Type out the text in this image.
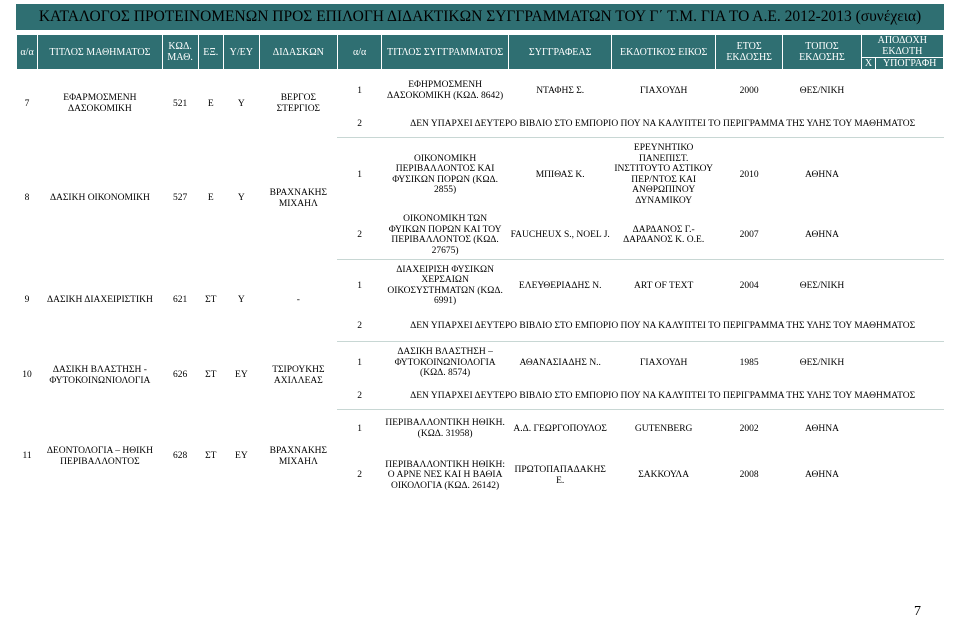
ΚΑΤΑΛΟΓΟΣ ΠΡΟΤΕΙΝΟΜΕΝΩΝ ΠΡΟΣ ΕΠΙΛΟΓΗ ΔΙΔΑΚΤΙΚΩΝ ΣΥΓΓΡΑΜΜΑΤΩΝ ΤΟΥ Γ΄ Τ.Μ. ΓΙΑ ΤΟ Α.Ε. 2012-2013 (συνέχεια)
α/α	ΤΙΤΛΟΣ ΜΑΘΗΜΑΤΟΣ	ΚΩΔ. ΜΑΘ.	ΕΞ.	Υ/ΕΥ	ΔΙΔΑΣΚΩΝ	α/α	ΤΙΤΛΟΣ ΣΥΓΓΡΑΜΜΑΤΟΣ	ΣΥΓΓΡΑΦΕΑΣ	ΕΚΔΟΤΙΚΟΣ ΕΙΚΟΣ	ΕΤΟΣ ΕΚΔΟΣΗΣ	ΤΟΠΟΣ ΕΚΔΟΣΗΣ	ΑΠΟΔΟΧΗ ΕΚΔΟΤΗ	
												Χ	ΥΠΟΓΡΑΦΗ
7	ΕΦΑΡΜΟΣΜΕΝΗ ΔΑΣΟΚΟΜΙΚΗ	521	Ε	Υ	ΒΕΡΓΟΣ ΣΤΕΡΓΙΟΣ	1	ΕΦΗΡΜΟΣΜΕΝΗ ΔΑΣΟΚΟΜΙΚΗ (ΚΩΔ. 8642)	ΝΤΑΦΗΣ Σ.	ΓΙΑΧΟΥΔΗ	2000	ΘΕΣ/ΝΙΚΗ		
						2	ΔΕΝ ΥΠΑΡΧΕΙ ΔΕΥΤΕΡΟ ΒΙΒΛΙΟ ΣΤΟ ΕΜΠΟΡΙΟ ΠΟΥ ΝΑ ΚΑΛΥΠΤΕΙ ΤΟ ΠΕΡΙΓΡΑΜΜΑ ΤΗΣ ΥΛΗΣ ΤΟΥ ΜΑΘΗΜΑΤΟΣ						
8	ΔΑΣΙΚΗ ΟΙΚΟΝΟΜΙΚΗ	527	Ε	Υ	ΒΡΑΧΝΑΚΗΣ ΜΙΧΑΗΛ	1	ΟΙΚΟΝΟΜΙΚΗ ΠΕΡΙΒΑΛΛΟΝΤΟΣ ΚΑΙ ΦΥΣΙΚΩΝ ΠΟΡΩΝ (ΚΩΔ. 2855)	ΜΠΙΘΑΣ Κ.	ΕΡΕΥΝΗΤΙΚΟ ΠΑΝΕΠΙΣΤ. ΙΝΣΤΙΤΟΥΤΟ ΑΣΤΙΚΟΥ ΠΕΡ/ΝΤΟΣ ΚΑΙ ΑΝΘΡΩΠΙΝΟΥ ΔΥΝΑΜΙΚΟΥ	2010	ΑΘΗΝΑ		
						2	ΟΙΚΟΝΟΜΙΚΗ ΤΩΝ ΦΥΙΚΩΝ ΠΟΡΩΝ ΚΑΙ ΤΟΥ ΠΕΡΙΒΑΛΛΟΝΤΟΣ (ΚΩΔ. 27675)	FAUCHEUX S., NOEL J.	ΔΑΡΔΑΝΟΣ Γ.- ΔΑΡΔΑΝΟΣ Κ. Ο.Ε.	2007	ΑΘΗΝΑ		
9	ΔΑΣΙΚΗ ΔΙΑΧΕΙΡΙΣΤΙΚΗ	621	ΣΤ	Υ	-	1	ΔΙΑΧΕΙΡΙΣΗ ΦΥΣΙΚΩΝ ΧΕΡΣΑΙΩΝ ΟΙΚΟΣΥΣΤΗΜΑΤΩΝ (ΚΩΔ. 6991)	ΕΛΕΥΘΕΡΙΑΔΗΣ Ν.	ART OF TEXT	2004	ΘΕΣ/ΝΙΚΗ		
						2	ΔΕΝ ΥΠΑΡΧΕΙ ΔΕΥΤΕΡΟ ΒΙΒΛΙΟ ΣΤΟ ΕΜΠΟΡΙΟ ΠΟΥ ΝΑ ΚΑΛΥΠΤΕΙ ΤΟ ΠΕΡΙΓΡΑΜΜΑ ΤΗΣ ΥΛΗΣ ΤΟΥ ΜΑΘΗΜΑΤΟΣ						
10	ΔΑΣΙΚΗ ΒΛΑΣΤΗΣΗ - ΦΥΤΟΚΟΙΝΩΝΙΟΛΟΓΙΑ	626	ΣΤ	ΕΥ	ΤΣΙΡΟΥΚΗΣ ΑΧΙΛΛΕΑΣ	1	ΔΑΣΙΚΗ ΒΛΑΣΤΗΣΗ – ΦΥΤΟΚΟΙΝΩΝΙΟΛΟΓΙΑ (ΚΩΔ. 8574)	ΑΘΑΝΑΣΙΑΔΗΣ Ν..	ΓΙΑΧΟΥΔΗ	1985	ΘΕΣ/ΝΙΚΗ		
						2	ΔΕΝ ΥΠΑΡΧΕΙ ΔΕΥΤΕΡΟ ΒΙΒΛΙΟ ΣΤΟ ΕΜΠΟΡΙΟ ΠΟΥ ΝΑ ΚΑΛΥΠΤΕΙ ΤΟ ΠΕΡΙΓΡΑΜΜΑ ΤΗΣ ΥΛΗΣ ΤΟΥ ΜΑΘΗΜΑΤΟΣ						
11	ΔΕΟΝΤΟΛΟΓΙΑ – ΗΘΙΚΗ ΠΕΡΙΒΑΛΛΟΝΤΟΣ	628	ΣΤ	ΕΥ	ΒΡΑΧΝΑΚΗΣ ΜΙΧΑΗΛ	1	ΠΕΡΙΒΑΛΛΟΝΤΙΚΗ ΗΘΙΚΗ. (ΚΩΔ. 31958)	Α.Δ. ΓΕΩΡΓΟΠΟΥΛΟΣ	GUTENBERG	2002	ΑΘΗΝΑ		
						2	ΠΕΡΙΒΑΛΛΟΝΤΙΚΗ ΗΘΙΚΗ: Ο ΑΡΝΕ ΝΕΣ ΚΑΙ Η ΒΑΘΙΑ ΟΙΚΟΛΟΓΙΑ (ΚΩΔ. 26142)	ΠΡΩΤΟΠΑΠΑΔΑΚΗΣ Ε.	ΣΑΚΚΟΥΛΑ	2008	ΑΘΗΝΑ		
7
